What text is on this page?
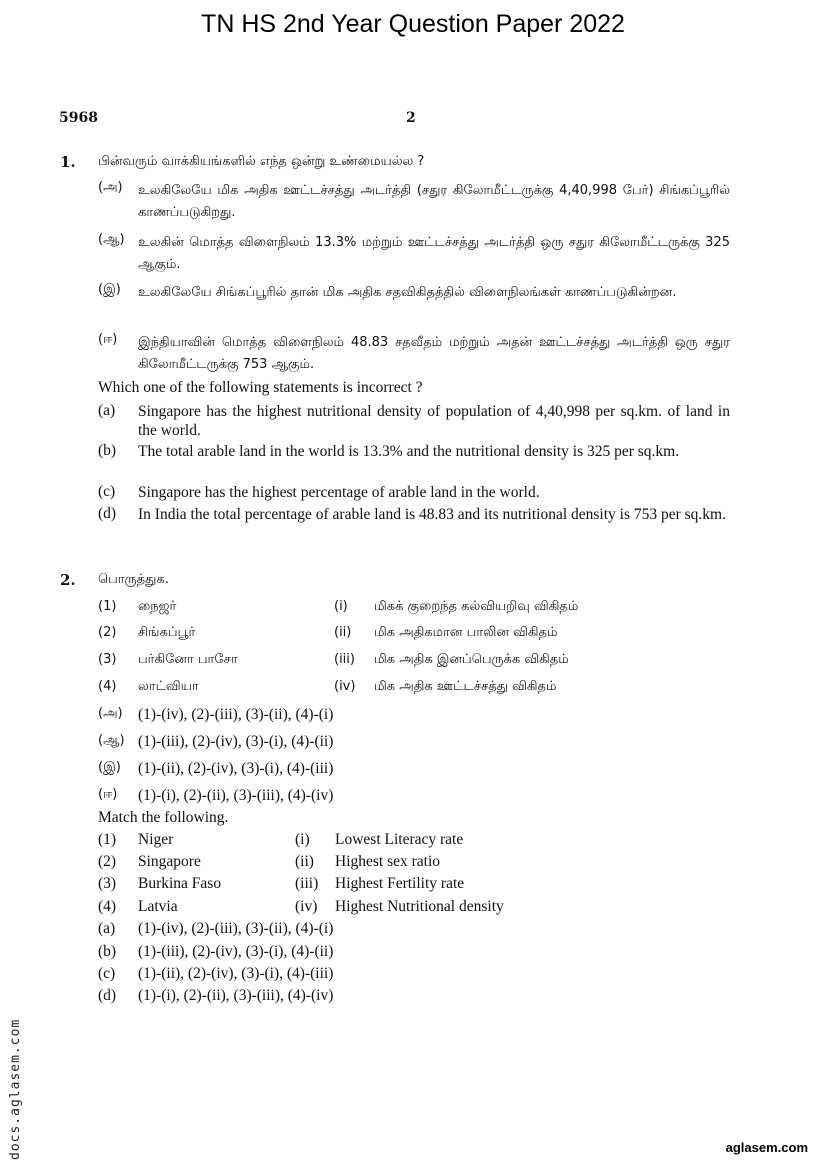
TN HS 2nd Year Question Paper 2022
5968	2
1. பின்வரும் வாக்கியங்களில் எந்த ஒன்று உண்மையல்ல ?
(அ) உலகிலேயே மிக அதிக ஊட்டச்சத்து அடர்த்தி (சதுர கிலோமீட்டருக்கு 4,40,998 பேர்) சிங்கப்பூரில் காணப்படுகிறது.
(ஆ) உலகின் மொத்த விளைநிலம் 13.3% மற்றும் ஊட்டச்சத்து அடர்த்தி ஒரு சதுர கிலோமீட்டருக்கு 325 ஆகும்.
(இ) உலகிலேயே சிங்கப்பூரில் தான் மிக அதிக சதவிகிதத்தில் விளைநிலங்கள் காணப்படுகின்றன.
(ஈ) இந்தியாவின் மொத்த விளைநிலம் 48.83 சதவீதம் மற்றும் அதன் ஊட்டச்சத்து அடர்த்தி ஒரு சதுர கிலோமீட்டருக்கு 753 ஆகும்.
Which one of the following statements is incorrect ?
(a) Singapore has the highest nutritional density of population of 4,40,998 per sq.km. of land in the world.
(b) The total arable land in the world is 13.3% and the nutritional density is 325 per sq.km.
(c) Singapore has the highest percentage of arable land in the world.
(d) In India the total percentage of arable land is 48.83 and its nutritional density is 753 per sq.km.
2. பொருத்துக.
(1) நைஜர்	(i) மிகக் குறைந்த கல்வியறிவு விகிதம்
(2) சிங்கப்பூர்	(ii) மிக அதிகமான பாலின விகிதம்
(3) பர்கினோ பாசோ	(iii) மிக அதிக இனப்பெருக்க விகிதம்
(4) லாட்வியா	(iv) மிக அதிக ஊட்டச்சத்து விகிதம்
(அ) (1)-(iv), (2)-(iii), (3)-(ii), (4)-(i)
(ஆ) (1)-(iii), (2)-(iv), (3)-(i), (4)-(ii)
(இ) (1)-(ii), (2)-(iv), (3)-(i), (4)-(iii)
(ஈ) (1)-(i), (2)-(ii), (3)-(iii), (4)-(iv)
Match the following.
(1) Niger	(i) Lowest Literacy rate
(2) Singapore	(ii) Highest sex ratio
(3) Burkina Faso	(iii) Highest Fertility rate
(4) Latvia	(iv) Highest Nutritional density
(a) (1)-(iv), (2)-(iii), (3)-(ii), (4)-(i)
(b) (1)-(iii), (2)-(iv), (3)-(i), (4)-(ii)
(c) (1)-(ii), (2)-(iv), (3)-(i), (4)-(iii)
(d) (1)-(i), (2)-(ii), (3)-(iii), (4)-(iv)
docs.aglasem.com	aglasem.com
